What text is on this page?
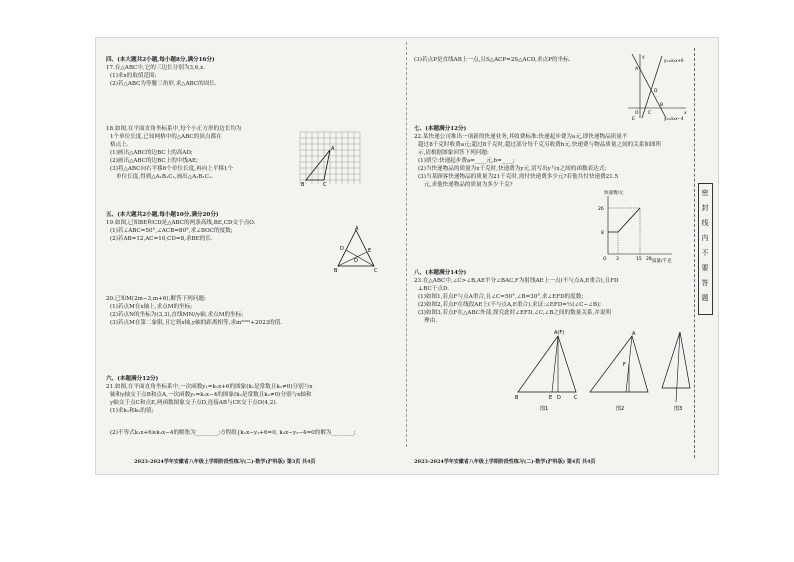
四、(本大题共2小题,每小题8分,满分16分)
17.在△ABC中,它的三边长分别为3,6,x.
(1)求x的取值范围;
(2)若△ABC为等腰三角形,求△ABC的周长.
18.如图,在平面直角坐标系中,每个小正方形的边长均为
1个单位长度,已知网格中的△ABC的顶点都在
格点上.
(1)画出△ABC的边BC上的高AD;
(2)画出△ABC的边BC上的中线AE;
(3)将△ABC向右平移6个单位长度,再向上平移1个
单位长度,得到△A₁B₁C₁,画出△A₁B₁C₁.
五、(本大题共2小题,每小题10分,满分20分)
19.如图,已知BE和CD是△ABC的两条高线,BE,CD交于点O.
(1)若∠ABC=50°,∠ACB=80°,求∠BOC的度数;
(2)若AB=12,AC=10,CD=8,求BE的长.
20.已知M(2m−3,m+6),解答下列问题:
(1)若点M在x轴上,求点M的坐标;
(2)若点N的坐标为(3,3),直线MN//y轴,求点M的坐标;
(3)若点M在第二象限,且它到x轴,y轴的距离相等,求m²⁰²³+2023的值.
六、(本题满分12分)
21.如图,在平面直角坐标系中,一次函数y₁=k₁x+6的图象(k₁是常数且k₁≠0)分别与x
轴和y轴交于点B和点A,一次函数y₂=k₂x−4的图象(k₂是常数且k₂≠0)分别与x轴和
y轴交于点C和点E,两函数图象交于点D,连接AB与CE交于点D(4,2).
(1)求k₁和k₂的值;
(2)不等式k₁x+6≥k₂x−4的解集为________;方程组{k₁x−y₁+6=0, k₂x−y₂−4=0的解为________;
A
B	C
A
B	C
D	E
O
2023-2024学年安徽省八年级上学期阶段性练习(二)·数学(沪科版) 第3页 共4页
(3)若点P是直线AB上一点,且S△ACP=2S△ACD,求点P的坐标.
七、(本题满分12分)
22.某快递公司推出一项新的快递业务,其收费标准:快递起步费为a元,即快递物品质量不
超过8千克时收费a元;超过8千克时,超过部分每千克另收费b元.快递费与物品质量之间的关系如图所
示,请根据图象回答下列问题:
(1)填空:快递起步费a=____元,b=____;
(2)当快递物品的质量为x千克时,快递费为y元,请写出y与x之间的函数表达式;
(3)当某顾客快递物品的质量为21千克时,需付快递费多少元?若他共付快递费21.5
元,求他快递物品的质量为多少千克?
八、(本题满分14分)
23.在△ABC中,∠C>∠B,AE平分∠BAC,F为射线AE上一点(不与点A,E重合),且FD
⊥BC于点D.
(1)如图1,若点F与点A重合,且∠C=50°,∠B=30°,求∠EFD的度数;
(2)如图2,若点F在线段AE上(不与点A,E重合),求证:∠EFD=½(∠C−∠B);
(3)如图3,若点F在△ABC外部,探究此时∠EFD,∠C,∠B之间的数量关系,并说明
理由.
y
x
O
A
B
C
D
E
y₁=k₁x+6
y₂=k₂x−4
快递费/元
质量/千克
26
8
O 3	15 28
A(F)
B	E D	C
图1
A
F
图2	图3
2023-2024学年安徽省八年级上学期阶段性练习(二)·数学(沪科版) 第4页 共4页
密
封
线
内
不
要
答
题
